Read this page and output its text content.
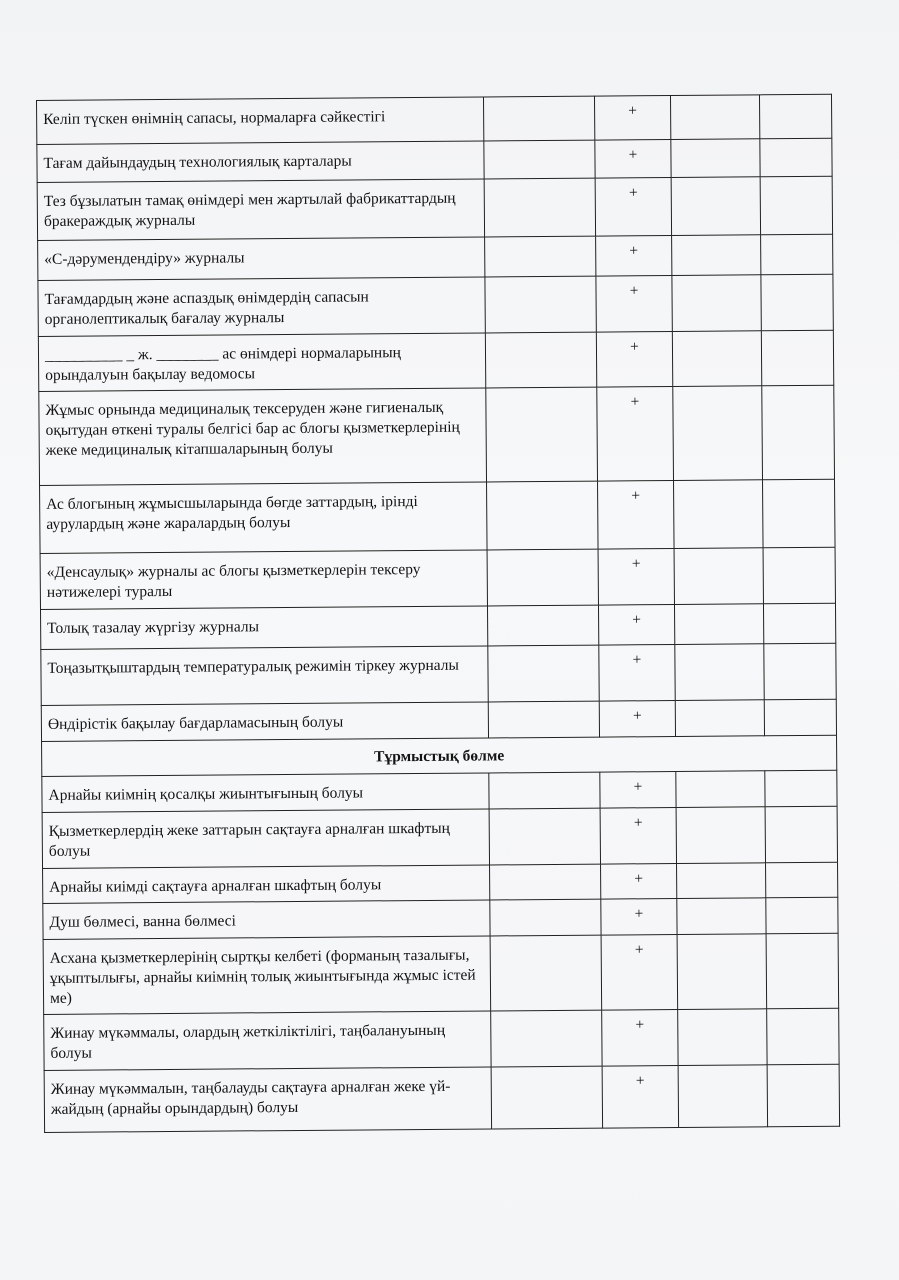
Келіп түскен өнімнің сапасы, нормаларға сәйкестігі		+		
Тағам дайындаудың технологиялық карталары		+		
Тез бұзылатын тамақ өнімдері мен жартылай фабрикаттардың бракераждық журналы		+		
«С-дәрумендендіру» журналы		+		
Тағамдардың және аспаздық өнімдердің сапасын органолептикалық бағалау журналы		+		
__________ _ ж. ________ ас өнімдері нормаларының орындалуын бақылау ведомосы		+		
Жұмыс орнында медициналық тексеруден және гигиеналық оқытудан өткені туралы белгісі бар ас блогы қызметкерлерінің жеке медициналық кітапшаларының болуы		+		
Ас блогының жұмысшыларында бөгде заттардың, ірінді аурулардың және жаралардың болуы		+		
«Денсаулық» журналы ас блогы қызметкерлерін тексеру нәтижелері туралы		+		
Толық тазалау жүргізу журналы		+		
Тоңазытқыштардың температуралық режимін тіркеу журналы		+		
Өндірістік бақылау бағдарламасының болуы		+		
Тұрмыстық бөлме				
Арнайы киімнің қосалқы жиынтығының болуы		+		
Қызметкерлердің жеке заттарын сақтауға арналған шкафтың болуы		+		
Арнайы киімді сақтауға арналған шкафтың болуы		+		
Душ бөлмесі, ванна бөлмесі		+		
Асхана қызметкерлерінің сыртқы келбеті (форманың тазалығы, ұқыптылығы, арнайы киімнің толық жиынтығында жұмыс істей ме)		+		
Жинау мүкәммалы, олардың жеткіліктілігі, таңбалануының болуы		+		
Жинау мүкәммалын, таңбалауды сақтауға арналған жеке үй-жайдың (арнайы орындардың) болуы		+		
